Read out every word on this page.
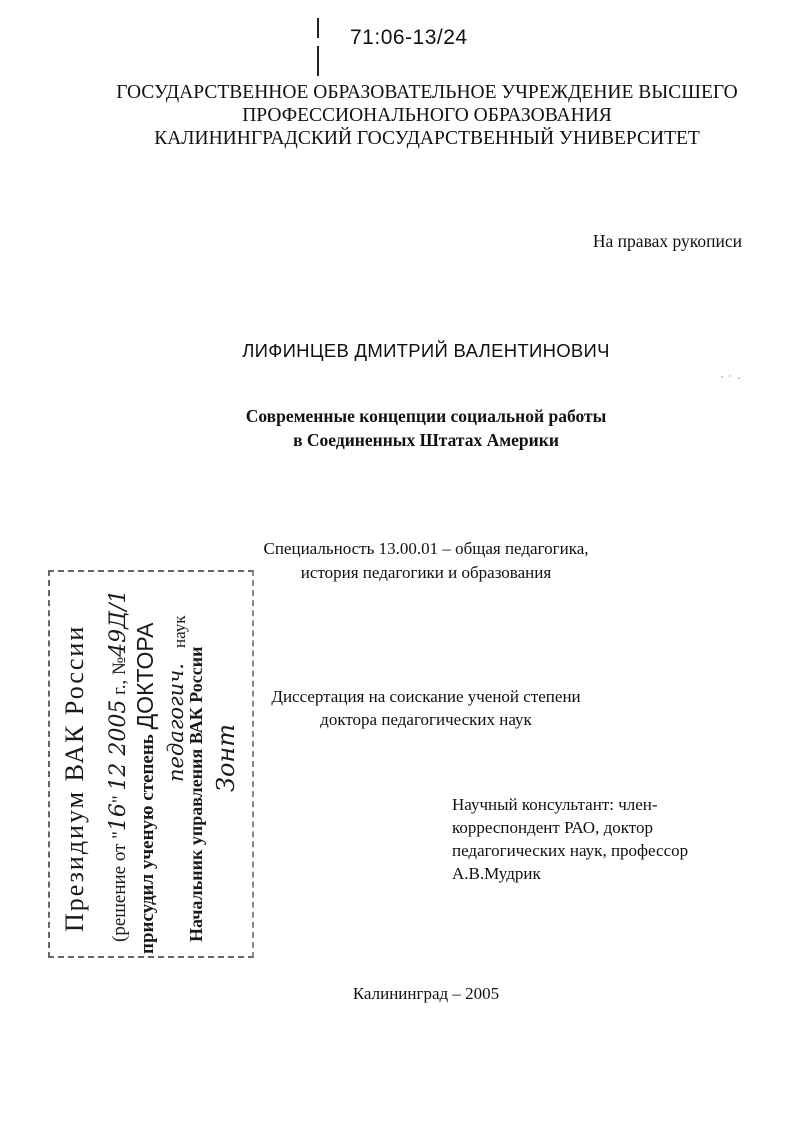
71:06-13/24
ГОСУДАРСТВЕННОЕ ОБРАЗОВАТЕЛЬНОЕ УЧРЕЖДЕНИЕ ВЫСШЕГО
ПРОФЕССИОНАЛЬНОГО ОБРАЗОВАНИЯ
КАЛИНИНГРАДСКИЙ ГОСУДАРСТВЕННЫЙ УНИВЕРСИТЕТ
На правах рукописи
ЛИФИНЦЕВ ДМИТРИЙ ВАЛЕНТИНОВИЧ
Современные концепции социальной работы
в Соединенных Штатах Америки
Специальность 13.00.01 – общая педагогика,
история педагогики и образования
Диссертация на соискание ученой степени
доктора педагогических наук
Научный консультант: член-
корреспондент РАО, доктор
педагогических наук, профессор
А.В.Мудрик
Калининград – 2005
Президиум ВАК России (решение от "16" 12 2005 г., №49Д/1
присудил ученую степень ДОКТОРА педагогич.
наук
Начальник управления ВАК России Зонт
